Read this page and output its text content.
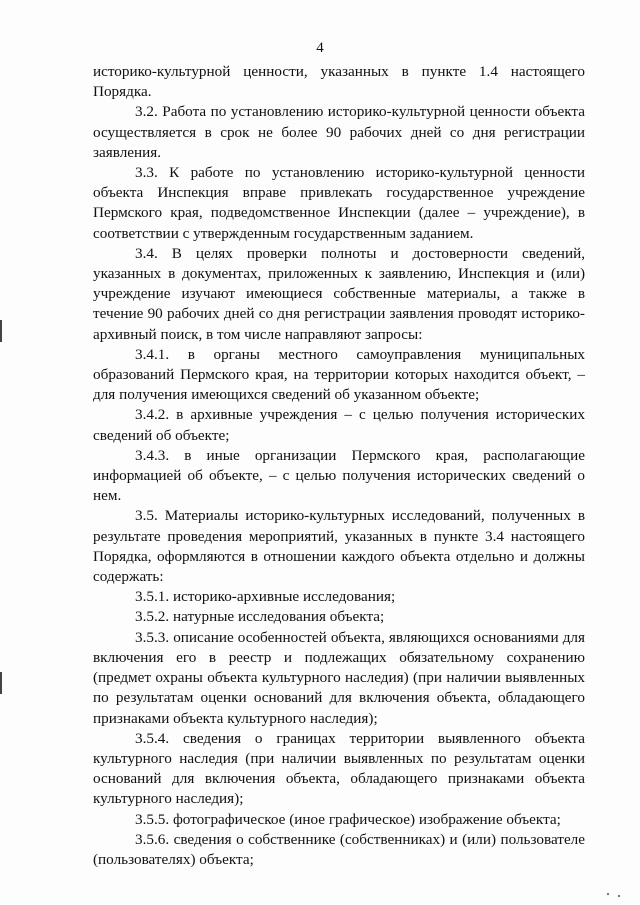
4

историко-культурной ценности, указанных в пункте 1.4 настоящего Порядка.

3.2. Работа по установлению историко-культурной ценности объекта осуществляется в срок не более 90 рабочих дней со дня регистрации заявления.

3.3. К работе по установлению историко-культурной ценности объекта Инспекция вправе привлекать государственное учреждение Пермского края, подведомственное Инспекции (далее – учреждение), в соответствии с утвержденным государственным заданием.

3.4. В целях проверки полноты и достоверности сведений, указанных в документах, приложенных к заявлению, Инспекция и (или) учреждение изучают имеющиеся собственные материалы, а также в течение 90 рабочих дней со дня регистрации заявления проводят историко-архивный поиск, в том числе направляют запросы:

3.4.1. в органы местного самоуправления муниципальных образований Пермского края, на территории которых находится объект, – для получения имеющихся сведений об указанном объекте;

3.4.2. в архивные учреждения – с целью получения исторических сведений об объекте;

3.4.3. в иные организации Пермского края, располагающие информацией об объекте, – с целью получения исторических сведений о нем.

3.5. Материалы историко-культурных исследований, полученных в результате проведения мероприятий, указанных в пункте 3.4 настоящего Порядка, оформляются в отношении каждого объекта отдельно и должны содержать:

3.5.1. историко-архивные исследования;

3.5.2. натурные исследования объекта;

3.5.3. описание особенностей объекта, являющихся основаниями для включения его в реестр и подлежащих обязательному сохранению (предмет охраны объекта культурного наследия) (при наличии выявленных по результатам оценки оснований для включения объекта, обладающего признаками объекта культурного наследия);

3.5.4. сведения о границах территории выявленного объекта культурного наследия (при наличии выявленных по результатам оценки оснований для включения объекта, обладающего признаками объекта культурного наследия);

3.5.5. фотографическое (иное графическое) изображение объекта;

3.5.6. сведения о собственнике (собственниках) и (или) пользователе (пользователях) объекта;
